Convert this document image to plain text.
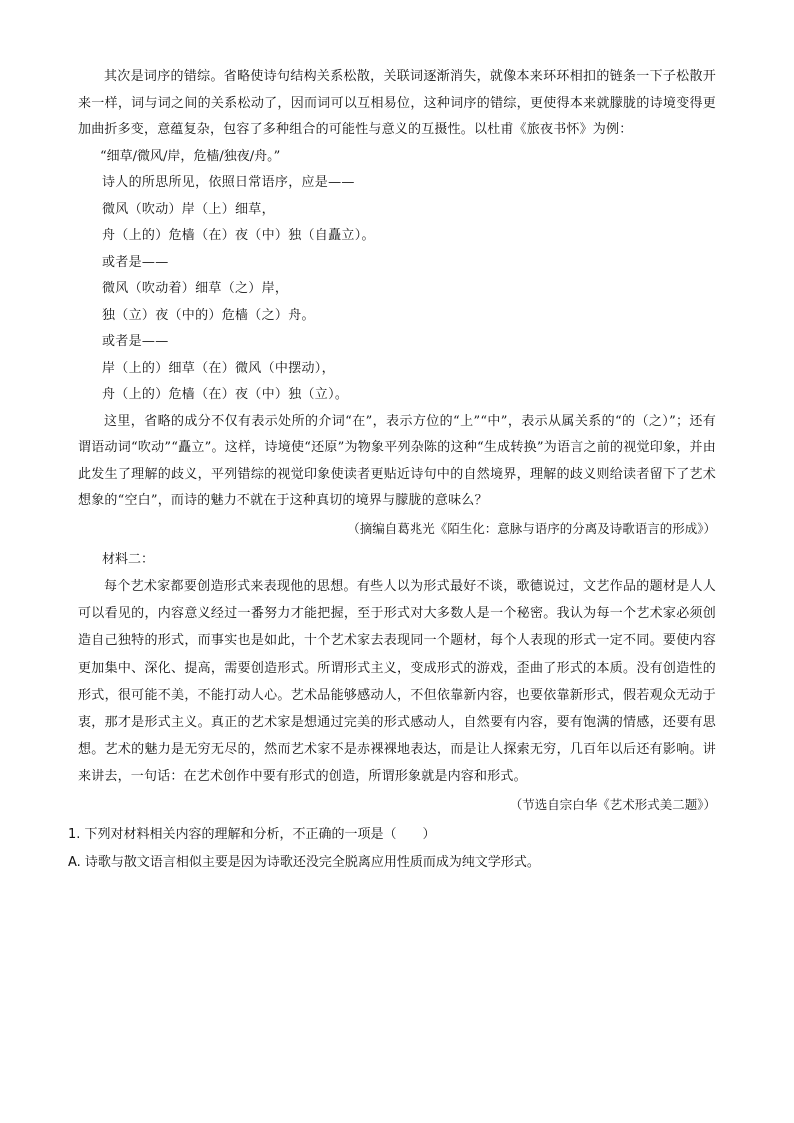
其次是词序的错综。省略使诗句结构关系松散，关联词逐渐消失，就像本来环环相扣的链条一下子松散开来一样，词与词之间的关系松动了，因而词可以互相易位，这种词序的错综，更使得本来就朦胧的诗境变得更加曲折多变，意蕴复杂，包容了多种组合的可能性与意义的互摄性。以杜甫《旅夜书怀》为例：

“细草/微风/岸，危樯/独夜/舟。”

诗人的所思所见，依照日常语序，应是——

微风（吹动）岸（上）细草，

舟（上的）危樯（在）夜（中）独（自矗立）。

或者是——

微风（吹动着）细草（之）岸，

独（立）夜（中的）危樯（之）舟。

或者是——

岸（上的）细草（在）微风（中摆动），

舟（上的）危樯（在）夜（中）独（立）。

这里，省略的成分不仅有表示处所的介词“在”，表示方位的“上”“中”，表示从属关系的“的（之）”；还有谓语动词“吹动”“矗立”。这样，诗境使“还原”为物象平列杂陈的这种“生成转换”为语言之前的视觉印象，并由此发生了理解的歧义，平列错综的视觉印象使读者更贴近诗句中的自然境界，理解的歧义则给读者留下了艺术想象的“空白”，而诗的魅力不就在于这种真切的境界与朦胧的意味么？

（摘编自葛兆光《陌生化：意脉与语序的分离及诗歌语言的形成》）

材料二：

每个艺术家都要创造形式来表现他的思想。有些人以为形式最好不谈，歌德说过，文艺作品的题材是人人可以看见的，内容意义经过一番努力才能把握，至于形式对大多数人是一个秘密。我认为每一个艺术家必须创造自己独特的形式，而事实也是如此，十个艺术家去表现同一个题材，每个人表现的形式一定不同。要使内容更加集中、深化、提高，需要创造形式。所谓形式主义，变成形式的游戏，歪曲了形式的本质。没有创造性的形式，很可能不美，不能打动人心。艺术品能够感动人，不但依靠新内容，也要依靠新形式，假若观众无动于衷，那才是形式主义。真正的艺术家是想通过完美的形式感动人，自然要有内容，要有饱满的情感，还要有思想。艺术的魅力是无穷无尽的，然而艺术家不是赤裸裸地表达，而是让人探索无穷，几百年以后还有影响。讲来讲去，一句话：在艺术创作中要有形式的创造，所谓形象就是内容和形式。

（节选自宗白华《艺术形式美二题》）

1. 下列对材料相关内容的理解和分析，不正确的一项是（　　）

A. 诗歌与散文语言相似主要是因为诗歌还没完全脱离应用性质而成为纯文学形式。
